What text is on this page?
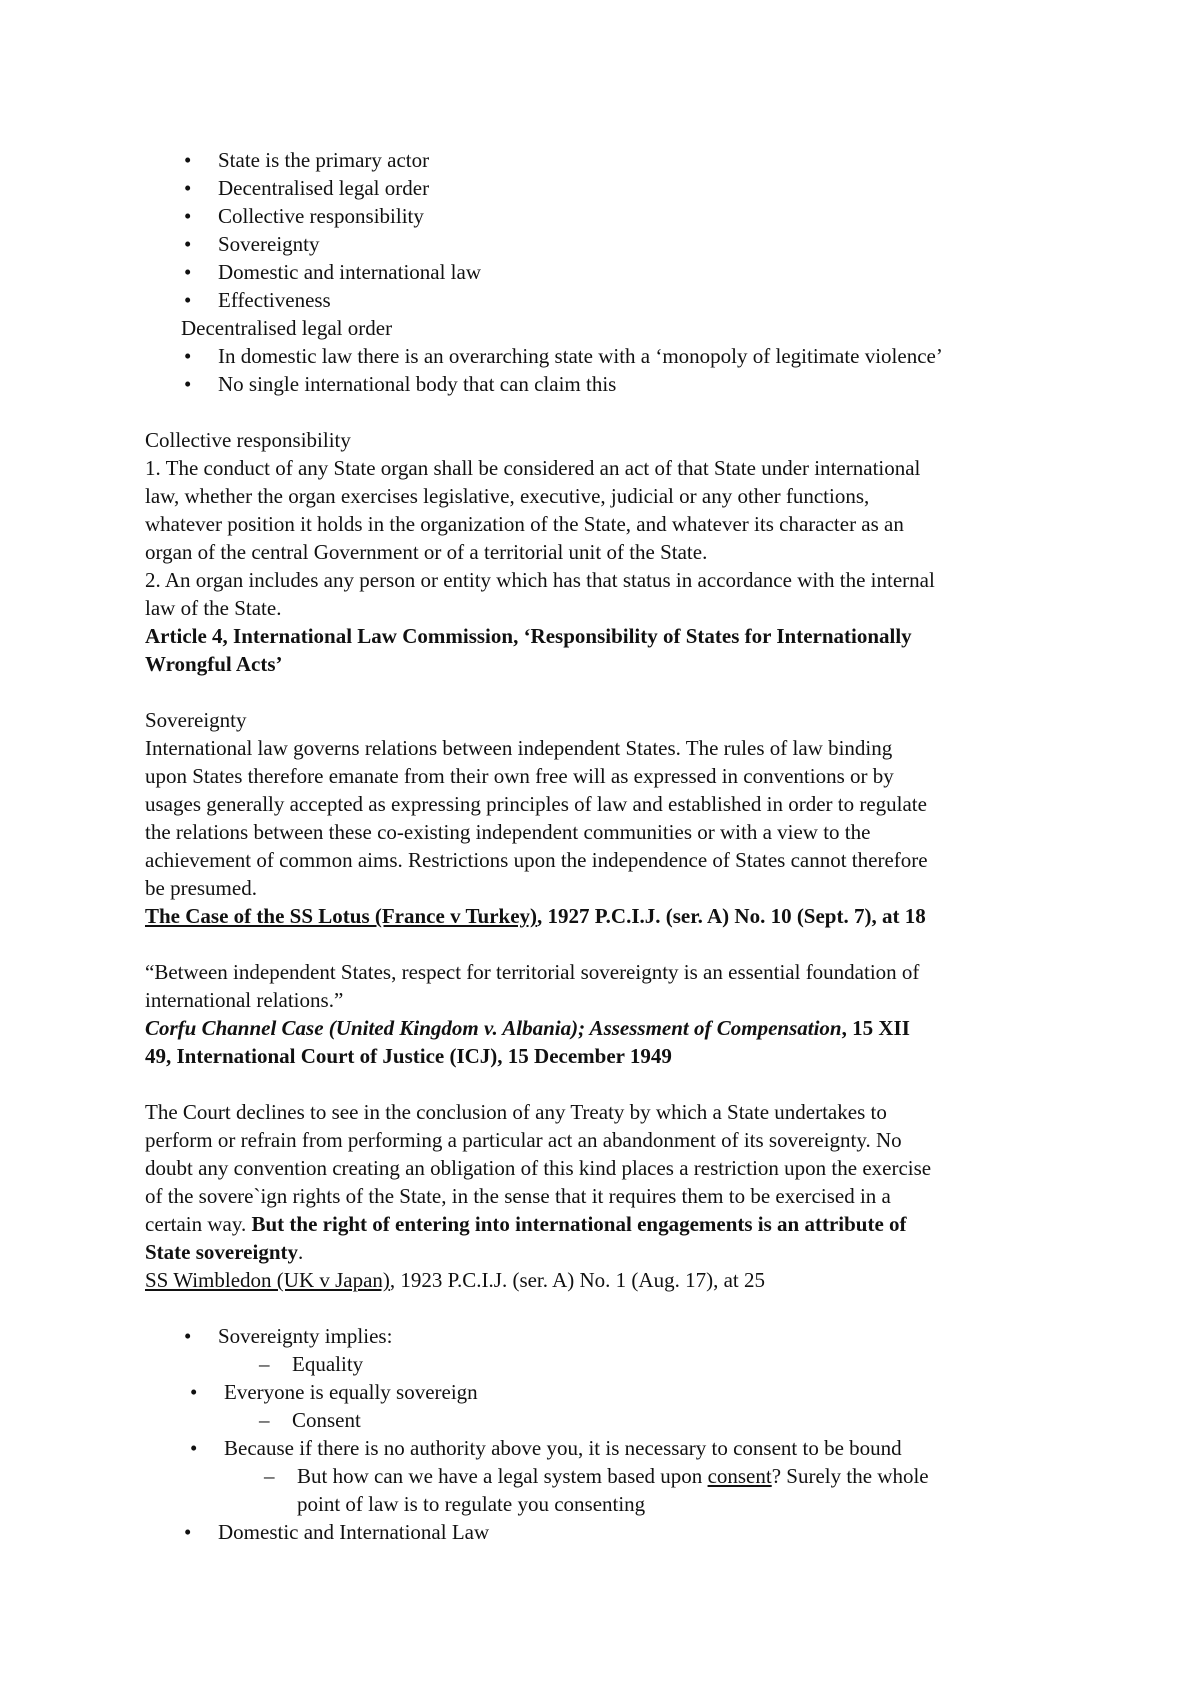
• State is the primary actor
• Decentralised legal order
• Collective responsibility
• Sovereignty
• Domestic and international law
• Effectiveness
Decentralised legal order
• In domestic law there is an overarching state with a ‘monopoly of legitimate violence’
• No single international body that can claim this
Collective responsibility
1. The conduct of any State organ shall be considered an act of that State under international
law, whether the organ exercises legislative, executive, judicial or any other functions,
whatever position it holds in the organization of the State, and whatever its character as an
organ of the central Government or of a territorial unit of the State.
2. An organ includes any person or entity which has that status in accordance with the internal
law of the State.
Article 4, International Law Commission, ‘Responsibility of States for Internationally
Wrongful Acts’
Sovereignty
International law governs relations between independent States. The rules of law binding
upon States therefore emanate from their own free will as expressed in conventions or by
usages generally accepted as expressing principles of law and established in order to regulate
the relations between these co-existing independent communities or with a view to the
achievement of common aims. Restrictions upon the independence of States cannot therefore
be presumed.
The Case of the SS Lotus (France v Turkey), 1927 P.C.I.J. (ser. A) No. 10 (Sept. 7), at 18
“Between independent States, respect for territorial sovereignty is an essential foundation of
international relations.”
Corfu Channel Case (United Kingdom v. Albania); Assessment of Compensation, 15 XII
49, International Court of Justice (ICJ), 15 December 1949
The Court declines to see in the conclusion of any Treaty by which a State undertakes to
perform or refrain from performing a particular act an abandonment of its sovereignty. No
doubt any convention creating an obligation of this kind places a restriction upon the exercise
of the sovere`ign rights of the State, in the sense that it requires them to be exercised in a
certain way. But the right of entering into international engagements is an attribute of
State sovereignty.
SS Wimbledon (UK v Japan), 1923 P.C.I.J. (ser. A) No. 1 (Aug. 17), at 25
• Sovereignty implies:
– Equality
• Everyone is equally sovereign
– Consent
• Because if there is no authority above you, it is necessary to consent to be bound
– But how can we have a legal system based upon consent? Surely the whole
point of law is to regulate you consenting
• Domestic and International Law
